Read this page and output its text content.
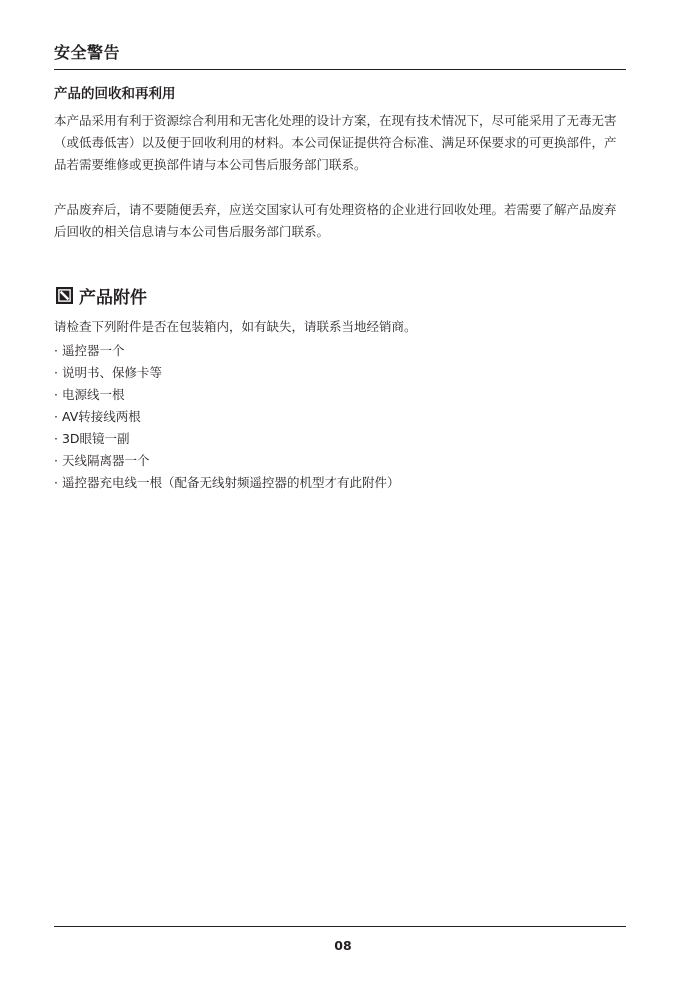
安全警告
产品的回收和再利用

本产品采用有利于资源综合利用和无害化处理的设计方案，在现有技术情况下，尽可能采用了无毒无害（或低毒低害）以及便于回收利用的材料。本公司保证提供符合标准、满足环保要求的可更换部件，产品若需要维修或更换部件请与本公司售后服务部门联系。

产品废弃后，请不要随便丢弃，应送交国家认可有处理资格的企业进行回收处理。若需要了解产品废弃后回收的相关信息请与本公司售后服务部门联系。

产品附件

请检查下列附件是否在包装箱内，如有缺失，请联系当地经销商。

· 遥控器一个
· 说明书、保修卡等
· 电源线一根
· AV转接线两根
· 3D眼镜一副
· 天线隔离器一个
· 遥控器充电线一根（配备无线射频遥控器的机型才有此附件）
08
